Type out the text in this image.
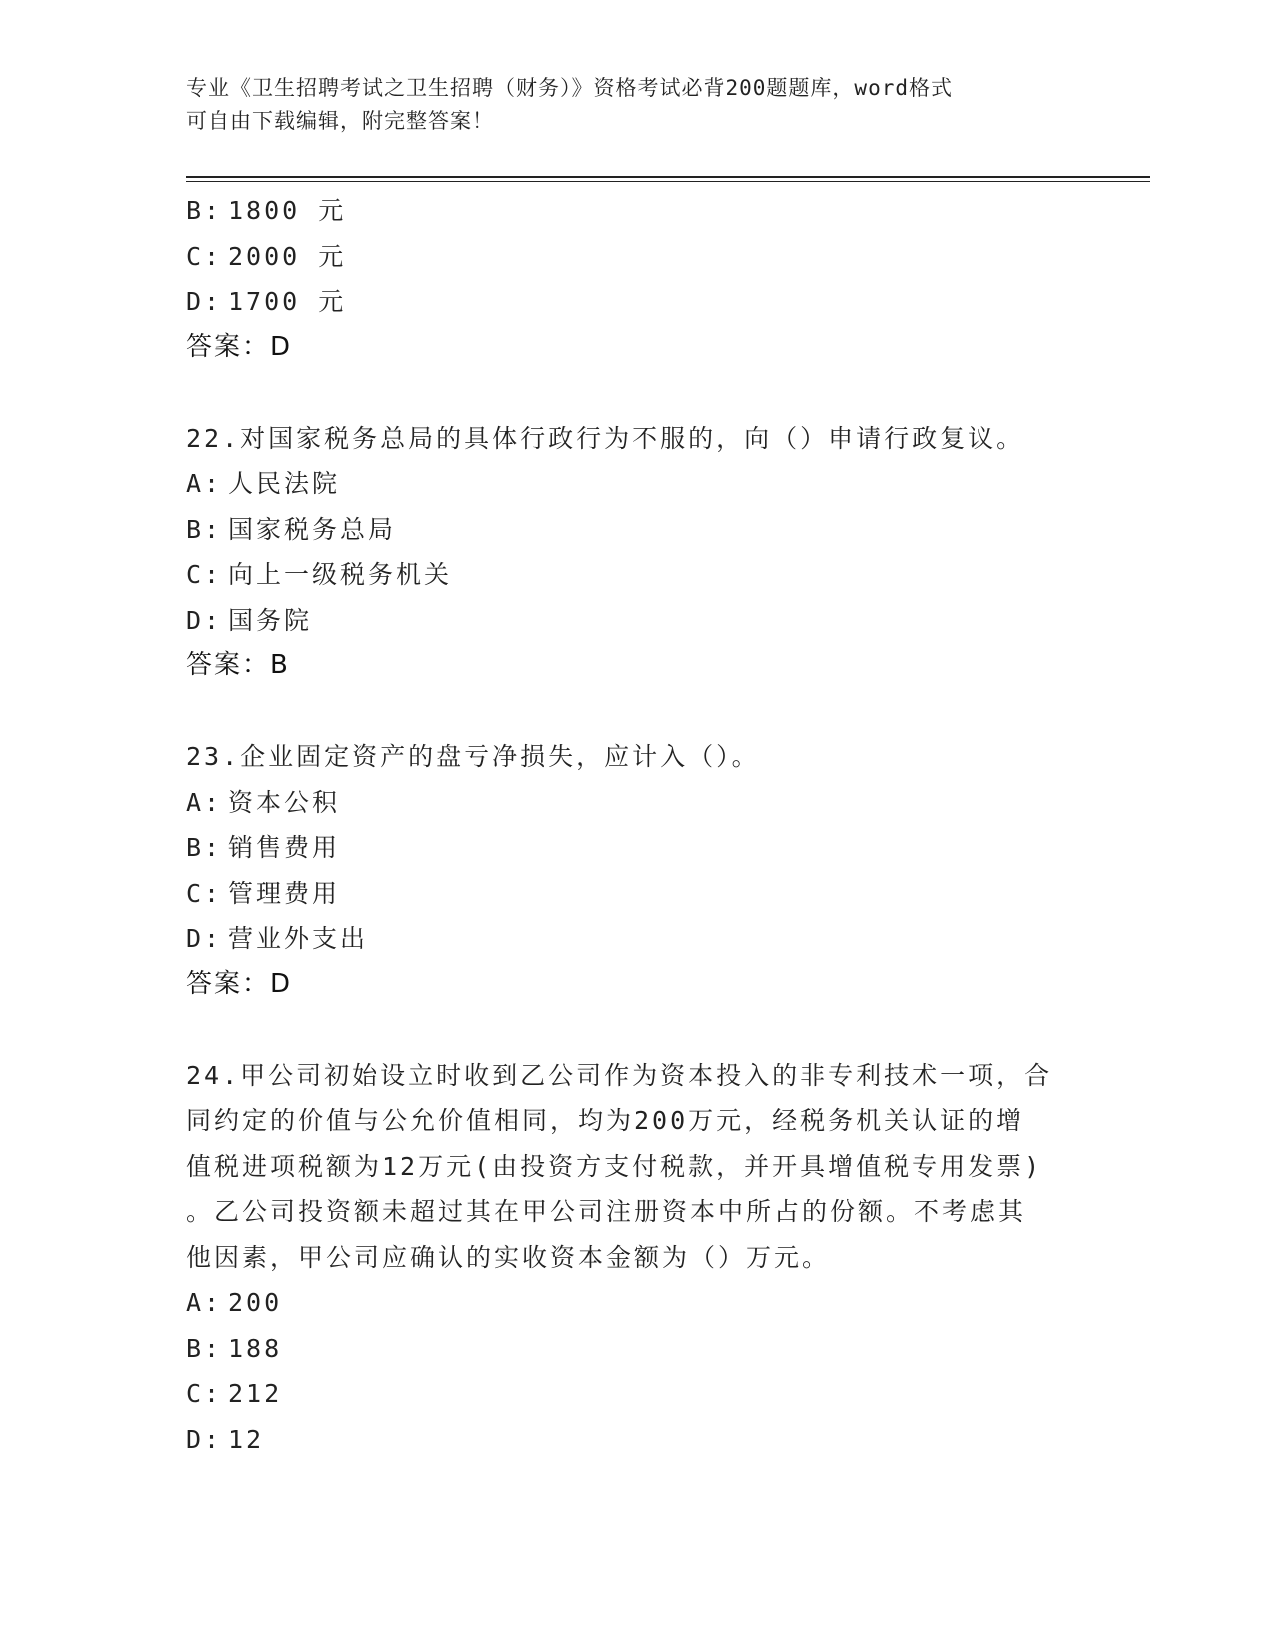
专业《卫生招聘考试之卫生招聘（财务）》资格考试必背200题题库，word格式
可自由下载编辑，附完整答案！
B: 1800 元
C: 2000 元
D: 1700 元
答案：D
22.对国家税务总局的具体行政行为不服的，向（）申请行政复议。
A: 人民法院
B: 国家税务总局
C: 向上一级税务机关
D: 国务院
答案：B
23.企业固定资产的盘亏净损失，应计入（）。
A: 资本公积
B: 销售费用
C: 管理费用
D: 营业外支出
答案：D
24.甲公司初始设立时收到乙公司作为资本投入的非专利技术一项，合
同约定的价值与公允价值相同，均为200万元，经税务机关认证的增
值税进项税额为12万元(由投资方支付税款，并开具增值税专用发票)
。乙公司投资额未超过其在甲公司注册资本中所占的份额。不考虑其
他因素，甲公司应确认的实收资本金额为（）万元。
A: 200
B: 188
C: 212
D: 12
